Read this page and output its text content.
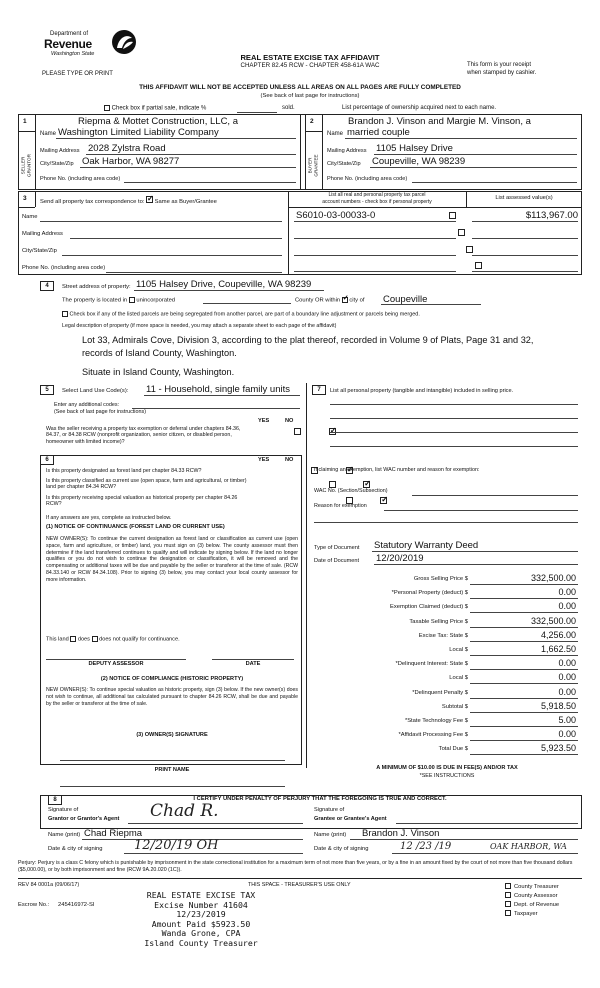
Department of
Revenue
Washington State
PLEASE TYPE OR PRINT
REAL ESTATE EXCISE TAX AFFIDAVIT
CHAPTER 82.45 RCW - CHAPTER 458-61A WAC	This form is your receipt
when stamped by cashier.
THIS AFFIDAVIT WILL NOT BE ACCEPTED UNLESS ALL AREAS ON ALL PAGES ARE FULLY COMPLETED
(See back of last page for instructions)
Check box if partial sale, indicate %	sold.	List percentage of ownership acquired next to each name.
1
SELLER GRANTOR
Riepma & Mottet Construction, LLC, a
Name Washington Limited Liability Company
Mailing Address 2028 Zylstra Road
City/State/Zip Oak Harbor, WA 98277
Phone No. (including area code)
2
BUYER GRANTEE
Brandon J. Vinson and Margie M. Vinson, a
Name married couple
Mailing Address 1105 Halsey Drive
City/State/Zip Coupeville, WA 98239
Phone No. (including area code)
3 Send all property tax correspondence to: ✓ Same as Buyer/Grantee
List all real and personal property tax parcel
account numbers - check box if personal property
List assessed value(s)
Name
Mailing Address
City/State/Zip
Phone No. (including area code)
S6010-03-00033-0
	$113,967.00

4	Street address of property: 1105 Halsey Drive, Coupeville, WA 98239
The property is located in unincorporated	County OR within ✓ city of Coupeville
Check box if any of the listed parcels are being segregated from another parcel, are part of a boundary line adjustment or parcels being merged.
Legal description of property (if more space is needed, you may attach a separate sheet to each page of the affidavit)
Lot 33, Admirals Cove, Division 3, according to the plat thereof, recorded in Volume 9 of Plats, Page 31 and 32,
records of Island County, Washington.
Situate in Island County, Washington.
5	Select Land Use Code(s): 11 - Household, single family units
Enter any additional codes:
(See back of last page for instructions)
YES	NO
Was the seller receiving a property tax exemption or deferral under chapters 84.36, 84.37, or 84.38 RCW (nonprofit organization, senior citizen, or disabled person, homeowner with limited income)?
✓
7	List all personal property (tangible and intangible) included in selling price.
6	YES	NO
Is this property designated as forest land per chapter 84.33 RCW?
✓
Is this property classified as current use (open space, farm and agricultural, or timber) land per chapter 84.34 RCW?
✓
Is this property receiving special valuation as historical property per chapter 84.26 RCW?
✓
If any answers are yes, complete as instructed below.
(1) NOTICE OF CONTINUANCE (FOREST LAND OR CURRENT USE)
NEW OWNER(S): To continue the current designation as forest land or classification as current use (open space, farm and agriculture, or timber) land, you must sign on (3) below. The county assessor must then determine if the land transferred continues to qualify and will indicate by signing below. If the land no longer qualifies or you do not wish to continue the designation or classification, it will be removed and the compensating or additional taxes will be due and payable by the seller or transferor at the time of sale. (RCW 84.33.140 or RCW 84.34.108). Prior to signing (3) below, you may contact your local county assessor for more information.
This land does does not qualify for continuance.
DEPUTY ASSESSOR	DATE
(2) NOTICE OF COMPLIANCE (HISTORIC PROPERTY)
NEW OWNER(S): To continue special valuation as historic property, sign (3) below. If the new owner(s) does not wish to continue, all additional tax calculated pursuant to chapter 84.26 RCW, shall be due and payable by the seller or transferor at the time of sale.
(3) OWNER(S) SIGNATURE
PRINT NAME
If claiming an exemption, list WAC number and reason for exemption:
WAC No. (Section/Subsection)
Reason for exemption
Type of Document Statutory Warranty Deed
Date of Document 12/20/2019
Gross Selling Price $	332,500.00
*Personal Property (deduct) $	0.00
Exemption Claimed (deduct) $	0.00
Taxable Selling Price $	332,500.00
Excise Tax: State $	4,256.00
Local $	1,662.50
*Delinquent Interest: State $	0.00
Local $	0.00
*Delinquent Penalty $	0.00
Subtotal $	5,918.50
*State Technology Fee $	5.00
*Affidavit Processing Fee $	0.00
Total Due $	5,923.50
A MINIMUM OF $10.00 IS DUE IN FEE(S) AND/OR TAX
*SEE INSTRUCTIONS
8	I CERTIFY UNDER PENALTY OF PERJURY THAT THE FOREGOING IS TRUE AND CORRECT.
Signature of
Grantor or Grantor's Agent Chad R.	Signature of
Grantee or Grantee's Agent
Name (print) Chad Riepma	Name (print) Brandon J. Vinson
Date & city of signing 12/20/19 OH	Date & city of signing	12 /23 /19	OAK HARBOR, WA
Perjury: Perjury is a class C felony which is punishable by imprisonment in the state correctional institution for a maximum term of not more than five years, or by a fine in an amount fixed by the court of not more than five thousand dollars ($5,000.00), or by both imprisonment and fine (RCW 9A.20.020 (1C)).
REV 84 0001a (09/06/17)	THIS SPACE - TREASURER'S USE ONLY
Escrow No.: 245416972-SI
REAL ESTATE EXCISE TAX
Excise Number 41604
12/23/2019
Amount Paid $5923.50
Wanda Grone, CPA
Island County Treasurer
County Treasurer
County Assessor
Dept. of Revenue
Taxpayer
